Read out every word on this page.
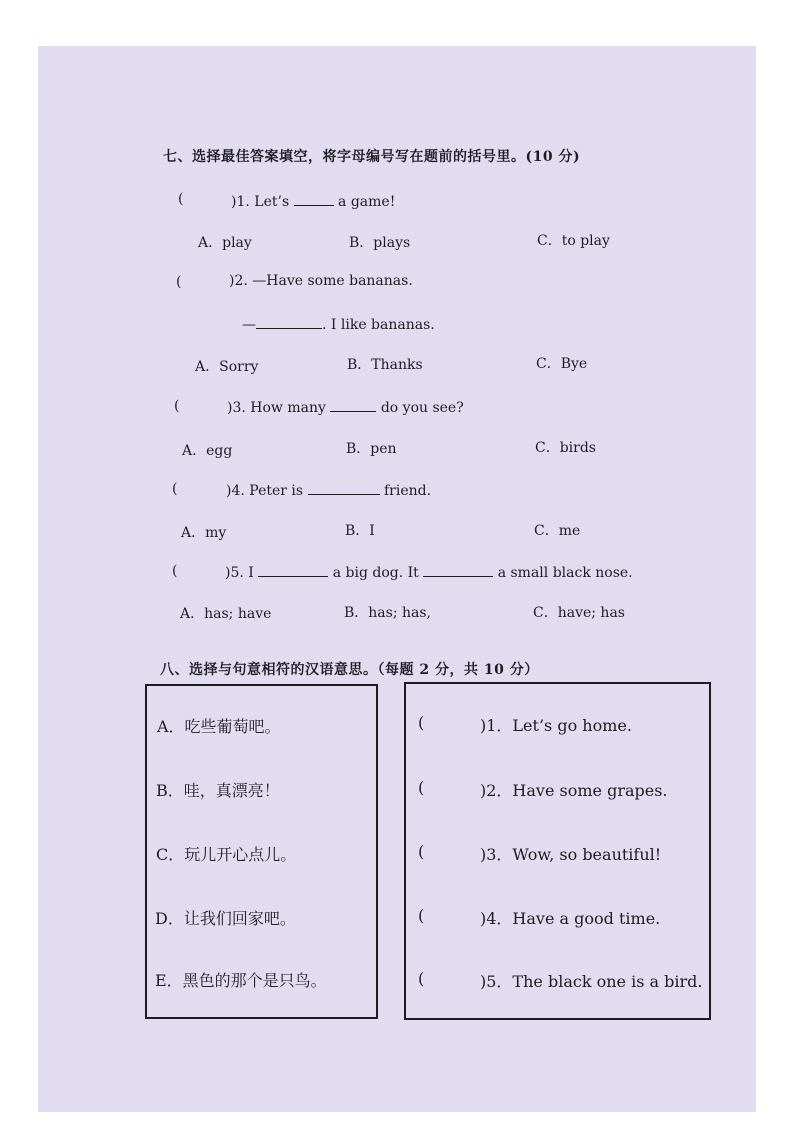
七、选择最佳答案填空，将字母编号写在题前的括号里。(10 分)
(	)1. Let’s	a game!
A．play	B．plays	C．to play
(	)2. —Have some bananas.
—	. I like bananas.
A．Sorry	B．Thanks	C．Bye
(	)3. How many	do you see?
A．egg	B．pen	C．birds
(	)4. Peter is	friend.
A．my	B．I	C．me
(	)5. I	a big dog. It	a small black nose.
A．has; have	B．has; has,	C．have; has
八、选择与句意相符的汉语意思。（每题 2 分，共 10 分）
A．吃些葡萄吧。
B．哇，真漂亮！
C．玩儿开心点儿。
D．让我们回家吧。
E．黑色的那个是只鸟。
(	)1．Let’s go home.
(	)2．Have some grapes.
(	)3．Wow, so beautiful!
(	)4．Have a good time.
(	)5．The black one is a bird.
